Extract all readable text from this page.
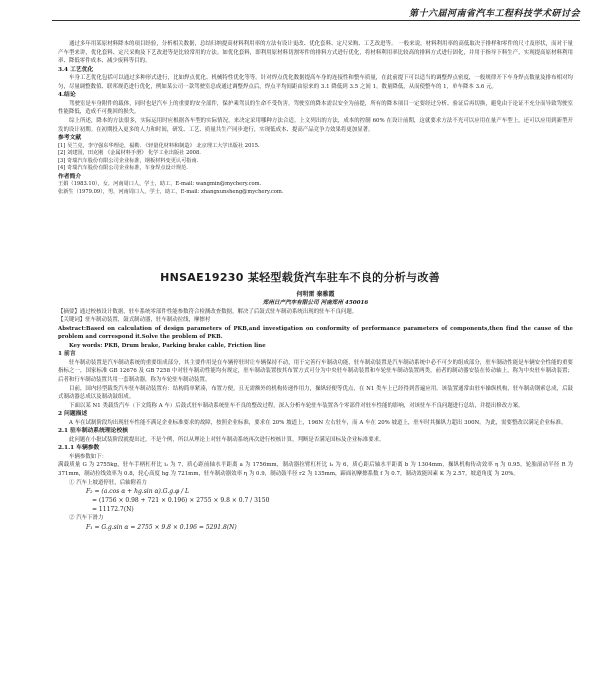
第十六届河南省汽车工程科技学术研讨会

通过多年用某原材料降本的项目经验，分析相关数据，总结归纳提高材料利用率的方法有设计更改、优化套料、定尺采购、工艺改进等。 一般来说，材料利用率的高低取决于排样和零件的尺寸及形状，而对于量产车型来讲，优化套料、定尺采购及下艺改进等是比较常用的方法。如优化套料，即利用原材料切割零件的排料方式进行优化，将材料利用率比较高的排料方式进行固化，并用于指导下料生产，实现提高原材料利用率、降低零件成本、减少废料等目的。

3.4 工艺优化

车身工艺优化包括可以通过多种形式进行，比如焊点优化、机械特性优化等等。针对焊点优化数据提高车身的连接性和整车质量，在此前提下可以适当的调整焊点密度，一般规律开下车身焊点数量及排布相对均匀，尽量调整数值、联邦规范进行优化，例如某公司一款驾驶室总成通过调整焊点后，焊点平均间距由原来的 3.1 降低到 3.5 之间 1，数量降低，从而使整车的 1，单车降本 3.6 元。

4.结论

驾驶室是车身附件的载体，同时也是汽车上的重要的安全部件，保护乘驾员的生命不受伤害。驾驶室的降本需以安全为前提，所有的降本项目一定要经过分析、验证后再切换，避免由于论证不充分而导致驾驶室性能降低，造成不可挽回的损失。

综上所述，降本的方法很多，实际运用时应根据各车型的实际情况，来决定采用哪种方法合适。上文列出的方法，成本的控制 60% 在设计前期，这就要求方法不光可以应用在量产车型上，还可以应用到新型开发的设计初期。在初期投入更多的人力和时间，研发、工艺、质量共生产同步进行，实现低成本、提高产品竞争力效果将更加显著。

参考文献
[1] 吴兰克，李守强东华理论，福勒. 《轻量化材料和制造》 北京理工大学出版社 2015.
[2] 刘建国，田克刚 《金属材料手册》 化学工业出版社 2008.
[3] 奇瑞汽车股份有限公司企业标准，钢板材料变更认可指南.
[4] 奇瑞汽车股份有限公司企业标准，车身焊点设计规范.
作者简介
王娟（1983.10），女，河南周口人，学士，助工，E-mail: wangmin@mychery.com.
张新生（1979.09），男，河南周口人，学士，助工，E-mail: zhangxunsheng@mychery.com.
HNSAE19230 某轻型载货汽车驻车不良的分析与改善
何明雷 秦雅霞
郑州日产汽车有限公司 河南郑州 450016

【摘要】通过校核设计数据，驻车系统零部件性能参数符合检测改查数据，解决了后鼓式驻车制动系统出现的驻车不良问题。

【关键词】驻车制动装置，鼓式制动器，驻车制动拉线，摩擦衬

Abstract:Based on calculation of design parameters of PKB,and investigation on conformity of performance parameters of components,then find the cause of the problem and correspond it.Solve the problem of PKB.

Key words: PKB, Drum brake, Parking brake cable, Friction line

1 前言

驻车制动装置是汽车制动系统的重要组成部分，其主要作用是在车辆停驻时让车辆保持不动，用于完善行车制动功能，驻车制动装置是汽车制动系统中必不可少的组成部分，驻车制动性能是车辆安全性能的重要指标之一，国家标准 GB 12676 及 GB 7258 中对驻车制动性能均有规定，驻车制动装置按其布置方式可分为中央驻车制动装置和车轮驻车制动装置两类，前者的制动器安装在传动轴上，称为中央驻车制动装置；后者和行车制动装置共用一套制动器，称为车轮驻车制动装置。

目前，国内轻型载货汽车驻车制动装置有：结构简单紧凑，布置方便，且无需额外的机构传递作用力，操纵轻便等优点，在 N1 类车上已经得到普遍应用。该装置通常由驻车操纵机构，驻车制动钢索总成，后鼓式制动器总成以及制动鼓组成。

下面以某 N1 类载货汽车（下文简称 A 车）后鼓式驻车制动系统驻车不良的整改过程，深入分析车轮驻车装置各个零部件对驻车性能的影响，对该驻车不良问题进行总结，并提出修改方案。

2 问题描述

A 车在试制阶段均出现驻车性能不满足企业标准要求的故障，按照企业标准，要求在 20% 坡道上，196N 左右驻车，而 A 车在 20% 坡道上，驻车时其操纵力超出 300N。为此，需要整改以满足企业标准。

2.1 驻车制动系统理论校核

此问题在小批试装阶段就提出过，不是个例，所以从理论上对驻车制动系统再次进行校核计算，判断是否满足国标及企业标准要求。

2.1.1 车辆参数

车辆参数如下：

满载质量 G 为 2755kg，驻车手柄杠杆比 i₁ 为 7，质心距前轴水平距离 a 为 1756mm，制动器拉臂杠杆比 i₂ 为 6，质心距后轴水平距离 b 为 1304mm，操纵机构传动效率 η 为 0.95，轮胎滚动半径 R 为 371mm，制动拉线效率为 0.8，轮心高度 hg 为 721mm，驻车制动器效率 η 为 0.9，制动鼓半径 r2 为 135mm，蹄面初摩擦系数 f 为 0.7，制动效能因素 K 为 2.57，坡道角度 为 20%。

① 汽车上坡道停驻，后轴附着力
F₂ = (a.cos α + hg.sin α).G.g.φ / L
= (1756 × 0.98 + 721 × 0.196) × 2755 × 9.8 × 0.7 / 3150
= 11172.7(N)
② 汽车下滑力
F₁ = G.g.sin α = 2755 × 9.8 × 0.196 = 5291.8(N)
